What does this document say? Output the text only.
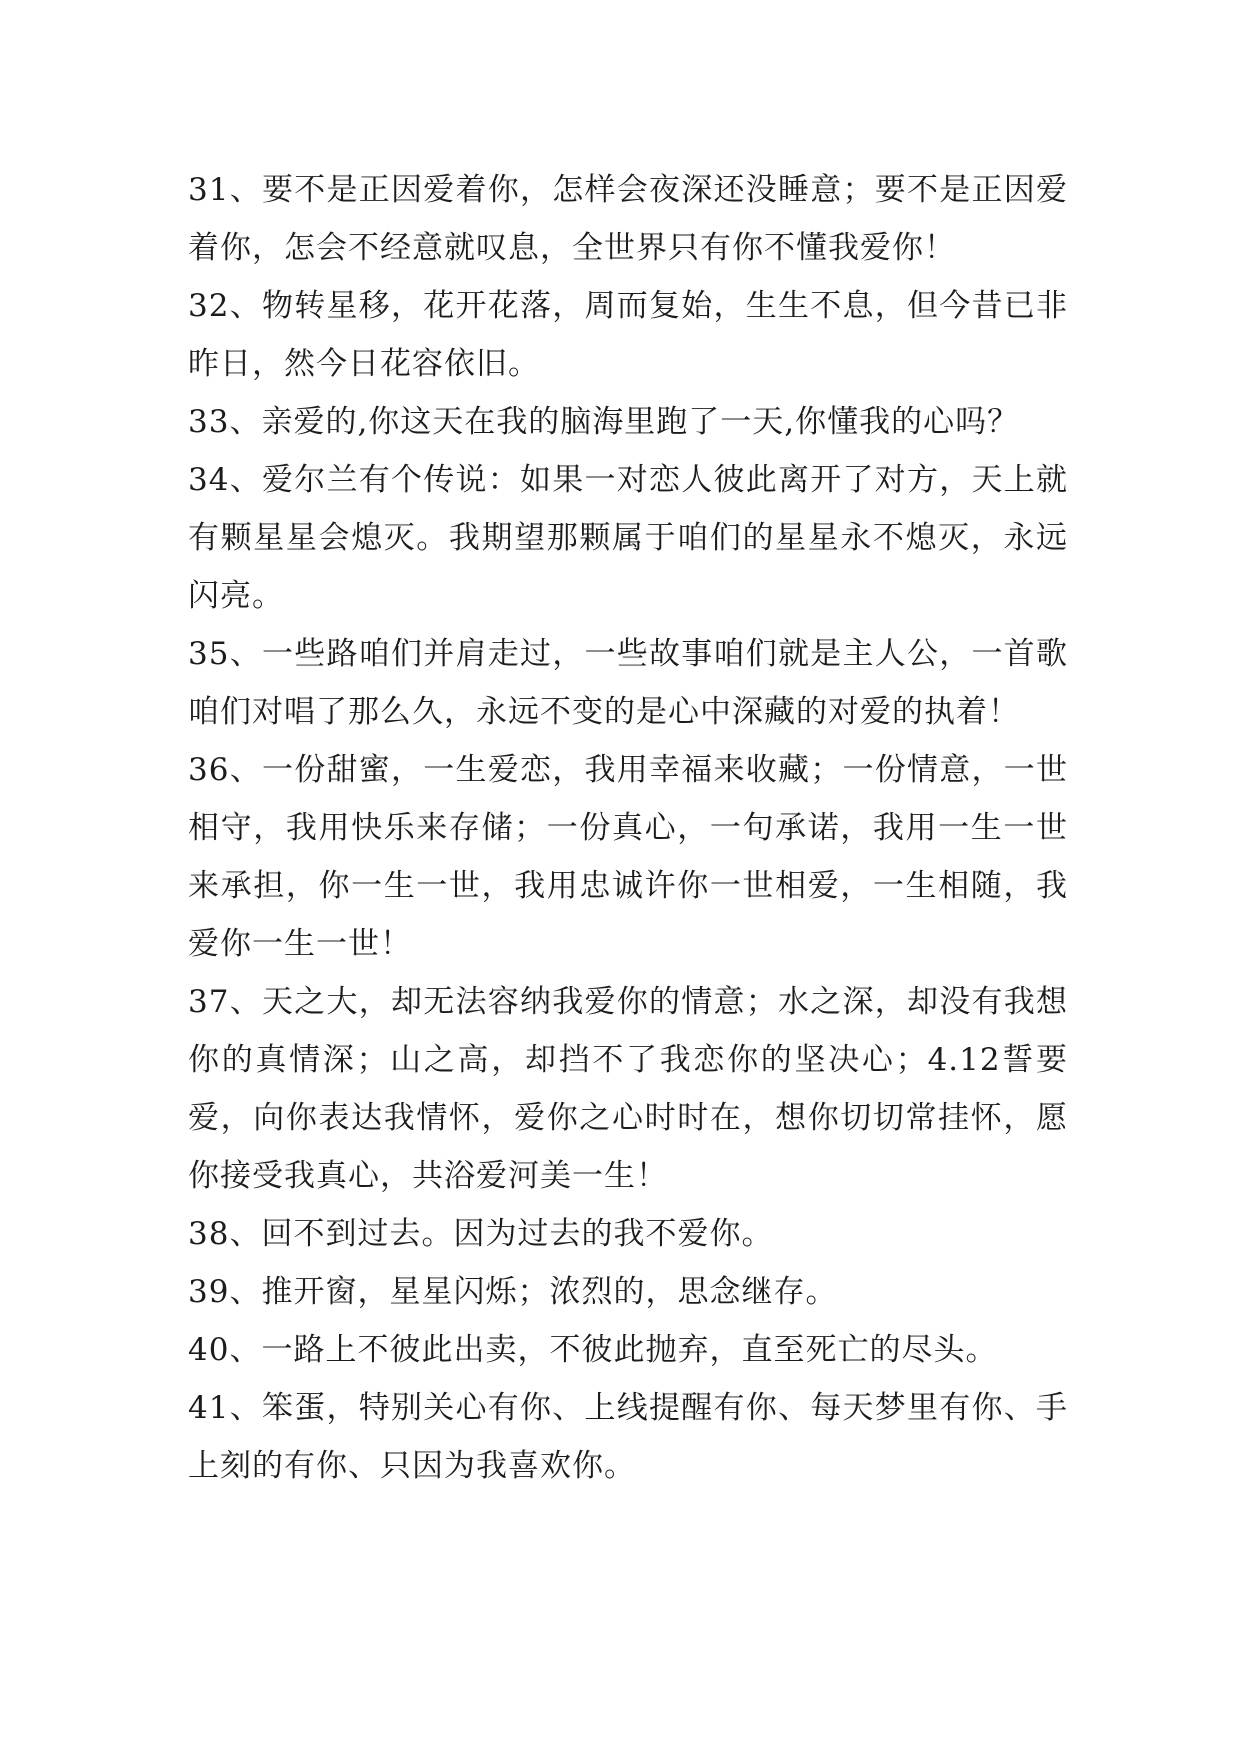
31、要不是正因爱着你，怎样会夜深还没睡意；要不是正因爱着你，怎会不经意就叹息，全世界只有你不懂我爱你！

32、物转星移，花开花落，周而复始，生生不息，但今昔已非昨日，然今日花容依旧。

33、亲爱的,你这天在我的脑海里跑了一天,你懂我的心吗？

34、爱尔兰有个传说：如果一对恋人彼此离开了对方，天上就有颗星星会熄灭。我期望那颗属于咱们的星星永不熄灭，永远闪亮。

35、一些路咱们并肩走过，一些故事咱们就是主人公，一首歌咱们对唱了那么久，永远不变的是心中深藏的对爱的执着！

36、一份甜蜜，一生爱恋，我用幸福来收藏；一份情意，一世相守，我用快乐来存储；一份真心，一句承诺，我用一生一世来承担，你一生一世，我用忠诚许你一世相爱，一生相随，我爱你一生一世！

37、天之大，却无法容纳我爱你的情意；水之深，却没有我想你的真情深；山之高，却挡不了我恋你的坚决心；4.12誓要爱，向你表达我情怀，爱你之心时时在，想你切切常挂怀，愿你接受我真心，共浴爱河美一生！

38、回不到过去。因为过去的我不爱你。

39、推开窗，星星闪烁；浓烈的，思念继存。

40、一路上不彼此出卖，不彼此抛弃，直至死亡的尽头。

41、笨蛋，特别关心有你、上线提醒有你、每天梦里有你、手上刻的有你、只因为我喜欢你。
